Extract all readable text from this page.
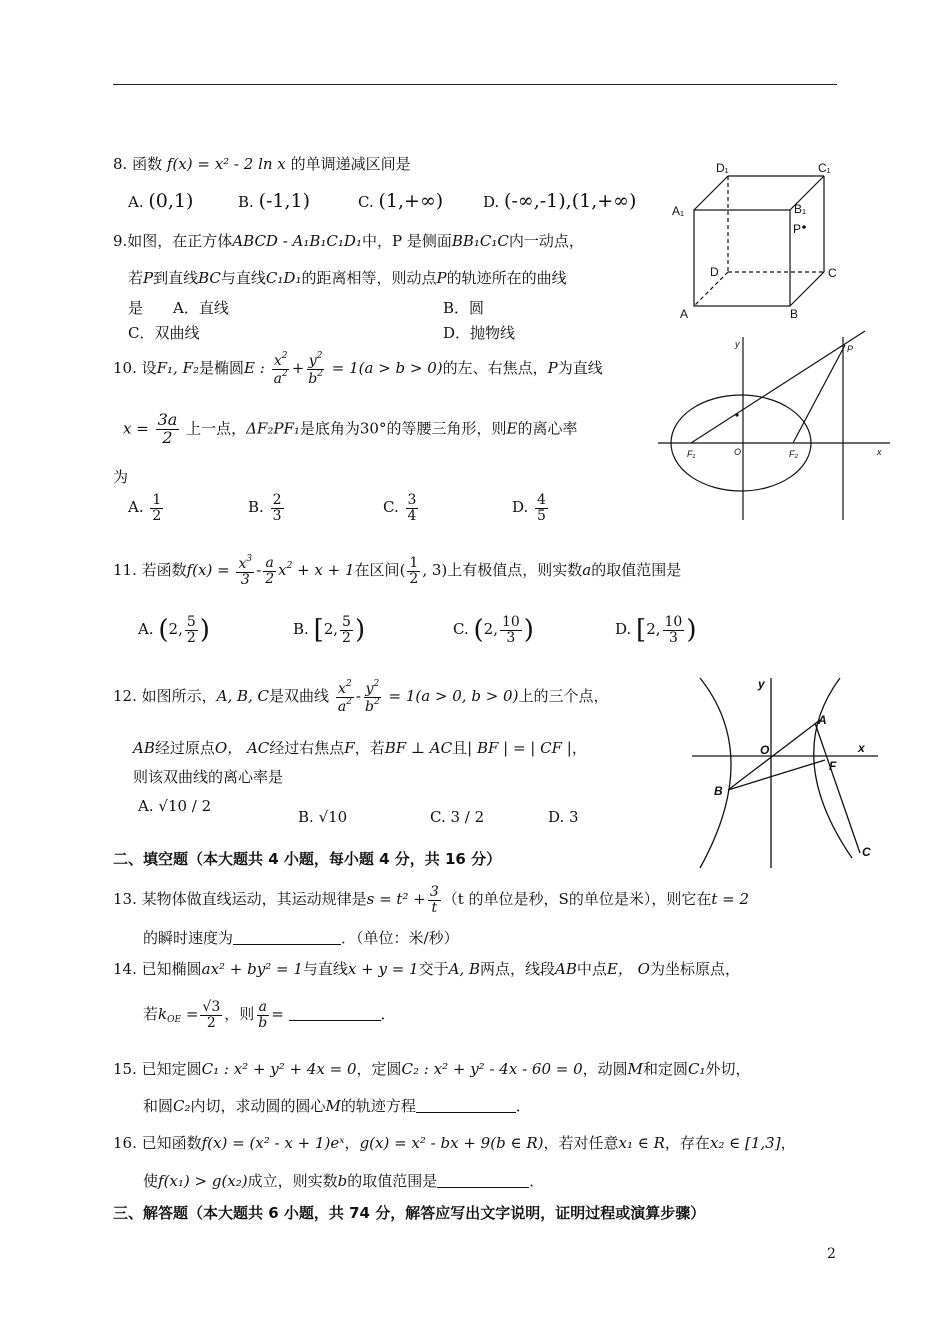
8. 函数 f(x) = x² - 2 ln x 的单调递减区间是
A. (0,1)	B. (-1,1)	C. (1,+∞)	D. (-∞,-1),(1,+∞)
9.如图，在正方体ABCD - A₁B₁C₁D₁中，P 是侧面BB₁C₁C内一动点，
若P到直线BC与直线C₁D₁的距离相等，则动点P的轨迹所在的曲线
是 A．直线	B．圆
C．双曲线	D．抛物线
10. 设F₁, F₂是椭圆E : $\frac{x^2}{a^2} + \frac{y^2}{b^2} = 1(a > b > 0)$的左、右焦点，P为直线
$x = \frac{3a}{2}$ 上一点，ΔF₂PF₁是底角为30°的等腰三角形，则E的离心率
为
A. $\frac{1}{2}$	B. $\frac{2}{3}$	C. $\frac{3}{4}$	D. $\frac{4}{5}$
11. 若函数$f(x) = \frac{x^3}{3} - \frac{a}{2} x^2 + x + 1$在区间( $\frac{1}{2}$ , 3)上有极值点，则实数a的取值范围是
A. (2, $\frac{5}{2}$ )	B. [2, $\frac{5}{2}$ )	C. (2, $\frac{10}{3}$ )	D. [2, $\frac{10}{3}$ )
12. 如图所示，A, B, C是双曲线 $\frac{x^2}{a^2} - \frac{y^2}{b^2} = 1(a > 0$, b > 0)上的三个点，
AB经过原点O， AC经过右焦点F，若BF ⊥ AC且| BF | = | CF |，
则该双曲线的离心率是
A. √10 / 2
B. √10	C. 3 / 2	D. 3
二、填空题（本大题共 4 小题，每小题 4 分，共 16 分）
13. 某物体做直线运动，其运动规律是$s = t^2 + \frac{3}{t} (t$ 的单位是秒，S的单位是米），则它在t = 2
的瞬时速度为	．（单位：米/秒）
14. 已知椭圆ax² + by² = 1与直线x + y = 1交于A, B两点，线段AB中点E， O为坐标原点，
若$k_{OE} = \frac{√3}{2}$ ，则 $\frac{a}{b}$ =	．
15. 已知定圆C₁ : x² + y² + 4x = 0，定圆C₂ : x² + y² - 4x - 60 = 0，动圆M和定圆C₁外切，
和圆C₂内切，求动圆的圆心M的轨迹方程	．
16. 已知函数f(x) = (x² - x + 1)eˣ，g(x) = x² - bx + 9(b ∈ R)，若对任意x₁ ∈ R，存在x₂ ∈ [1,3]，
使f(x₁) > g(x₂)成立，则实数b的取值范围是	．
三、解答题（本大题共 6 小题，共 74 分，解答应写出文字说明，证明过程或演算步骤）
2
D₁	C₁
A₁	B₁
P
D	C
A	B
y	P
F₁	O	F₂	x
y
A
O	x
F
B
C
